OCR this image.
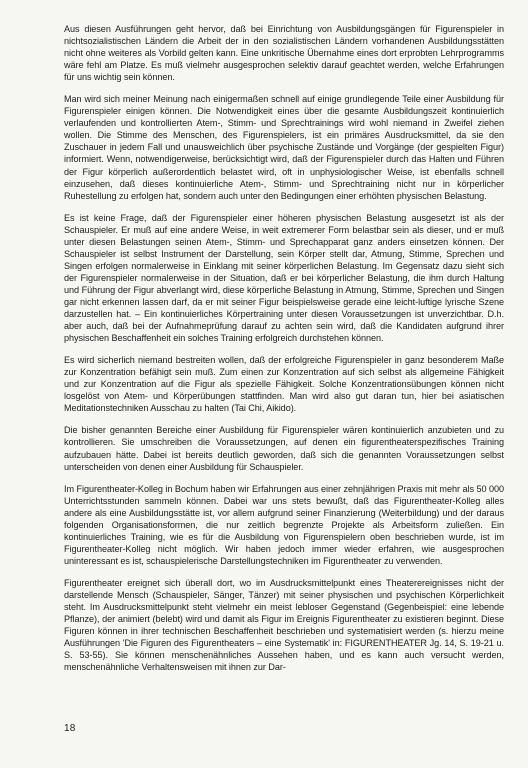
Aus diesen Ausführungen geht hervor, daß bei Einrichtung von Ausbildungsgängen für Figurenspieler in nichtsozialistischen Ländern die Arbeit der in den sozialistischen Ländern vorhandenen Ausbildungsstätten nicht ohne weiteres als Vorbild gelten kann. Eine unkritische Übernahme eines dort erprobten Lehrprogramms wäre fehl am Platze. Es muß vielmehr ausgesprochen selektiv darauf geachtet werden, welche Erfahrungen für uns wichtig sein können.

Man wird sich meiner Meinung nach einigermaßen schnell auf einige grundlegende Teile einer Ausbildung für Figurenspieler einigen können. Die Notwendigkeit eines über die gesamte Ausbildungszeit kontinuierlich verlaufenden und kontrollierten Atem-, Stimm- und Sprechtrainings wird wohl niemand in Zweifel ziehen wollen. Die Stimme des Menschen, des Figurenspielers, ist ein primäres Ausdrucksmittel, da sie den Zuschauer in jedem Fall und unausweichlich über psychische Zustände und Vorgänge (der gespielten Figur) informiert. Wenn, notwendigerweise, berücksichtigt wird, daß der Figurenspieler durch das Halten und Führen der Figur körperlich außerordentlich belastet wird, oft in unphysiologischer Weise, ist ebenfalls schnell einzusehen, daß dieses kontinuierliche Atem-, Stimm- und Sprechtraining nicht nur in körperlicher Ruhestellung zu erfolgen hat, sondern auch unter den Bedingungen einer erhöhten physischen Belastung.

Es ist keine Frage, daß der Figurenspieler einer höheren physischen Belastung ausgesetzt ist als der Schauspieler. Er muß auf eine andere Weise, in weit extremerer Form belastbar sein als dieser, und er muß unter diesen Belastungen seinen Atem-, Stimm- und Sprechapparat ganz anders einsetzen können. Der Schauspieler ist selbst Instrument der Darstellung, sein Körper stellt dar, Atmung, Stimme, Sprechen und Singen erfolgen normalerweise in Einklang mit seiner körperlichen Belastung. Im Gegensatz dazu sieht sich der Figurenspieler normalerweise in der Situation, daß er bei körperlicher Belastung, die ihm durch Haltung und Führung der Figur abverlangt wird, diese körperliche Belastung in Atmung, Stimme, Sprechen und Singen gar nicht erkennen lassen darf, da er mit seiner Figur beispielsweise gerade eine leicht-luftige lyrische Szene darzustellen hat. – Ein kontinuierliches Körpertraining unter diesen Voraussetzungen ist unverzichtbar. D.h. aber auch, daß bei der Aufnahmeprüfung darauf zu achten sein wird, daß die Kandidaten aufgrund ihrer physischen Beschaffenheit ein solches Training erfolgreich durchstehen können.

Es wird sicherlich niemand bestreiten wollen, daß der erfolgreiche Figurenspieler in ganz besonderem Maße zur Konzentration befähigt sein muß. Zum einen zur Konzentration auf sich selbst als allgemeine Fähigkeit und zur Konzentration auf die Figur als spezielle Fähigkeit. Solche Konzentrationsübungen können nicht losgelöst von Atem- und Körperübungen stattfinden. Man wird also gut daran tun, hier bei asiatischen Meditationstechniken Ausschau zu halten (Tai Chi, Aikido).

Die bisher genannten Bereiche einer Ausbildung für Figurenspieler wären kontinuierlich anzubieten und zu kontrollieren. Sie umschreiben die Voraussetzungen, auf denen ein figurentheaterspezifisches Training aufzubauen hätte. Dabei ist bereits deutlich geworden, daß sich die genannten Voraussetzungen selbst unterscheiden von denen einer Ausbildung für Schauspieler.

Im Figurentheater-Kolleg in Bochum haben wir Erfahrungen aus einer zehnjährigen Praxis mit mehr als 50 000 Unterrichtsstunden sammeln können. Dabei war uns stets bewußt, daß das Figurentheater-Kolleg alles andere als eine Ausbildungsstätte ist, vor allem aufgrund seiner Finanzierung (Weiterbildung) und der daraus folgenden Organisationsformen, die nur zeitlich begrenzte Projekte als Arbeitsform zuließen. Ein kontinuierliches Training, wie es für die Ausbildung von Figurenspielern oben beschrieben wurde, ist im Figurentheater-Kolleg nicht möglich. Wir haben jedoch immer wieder erfahren, wie ausgesprochen uninteressant es ist, schauspielerische Darstellungstechniken im Figurentheater zu verwenden.

Figurentheater ereignet sich überall dort, wo im Ausdrucksmittelpunkt eines Theaterereignisses nicht der darstellende Mensch (Schauspieler, Sänger, Tänzer) mit seiner physischen und psychischen Körperlichkeit steht. Im Ausdrucksmittelpunkt steht vielmehr ein meist lebloser Gegenstand (Gegenbeispiel: eine lebende Pflanze), der animiert (belebt) wird und damit als Figur im Ereignis Figurentheater zu existieren beginnt. Diese Figuren können in ihrer technischen Beschaffenheit beschrieben und systematisiert werden (s. hierzu meine Ausführungen 'Die Figuren des Figurentheaters – eine Systematik' in: FIGURENTHEATER Jg. 14, S. 19-21 u. S. 53-55). Sie können menschenähnliches Aussehen haben, und es kann auch versucht werden, menschenähnliche Verhaltensweisen mit ihnen zur Dar-

18
